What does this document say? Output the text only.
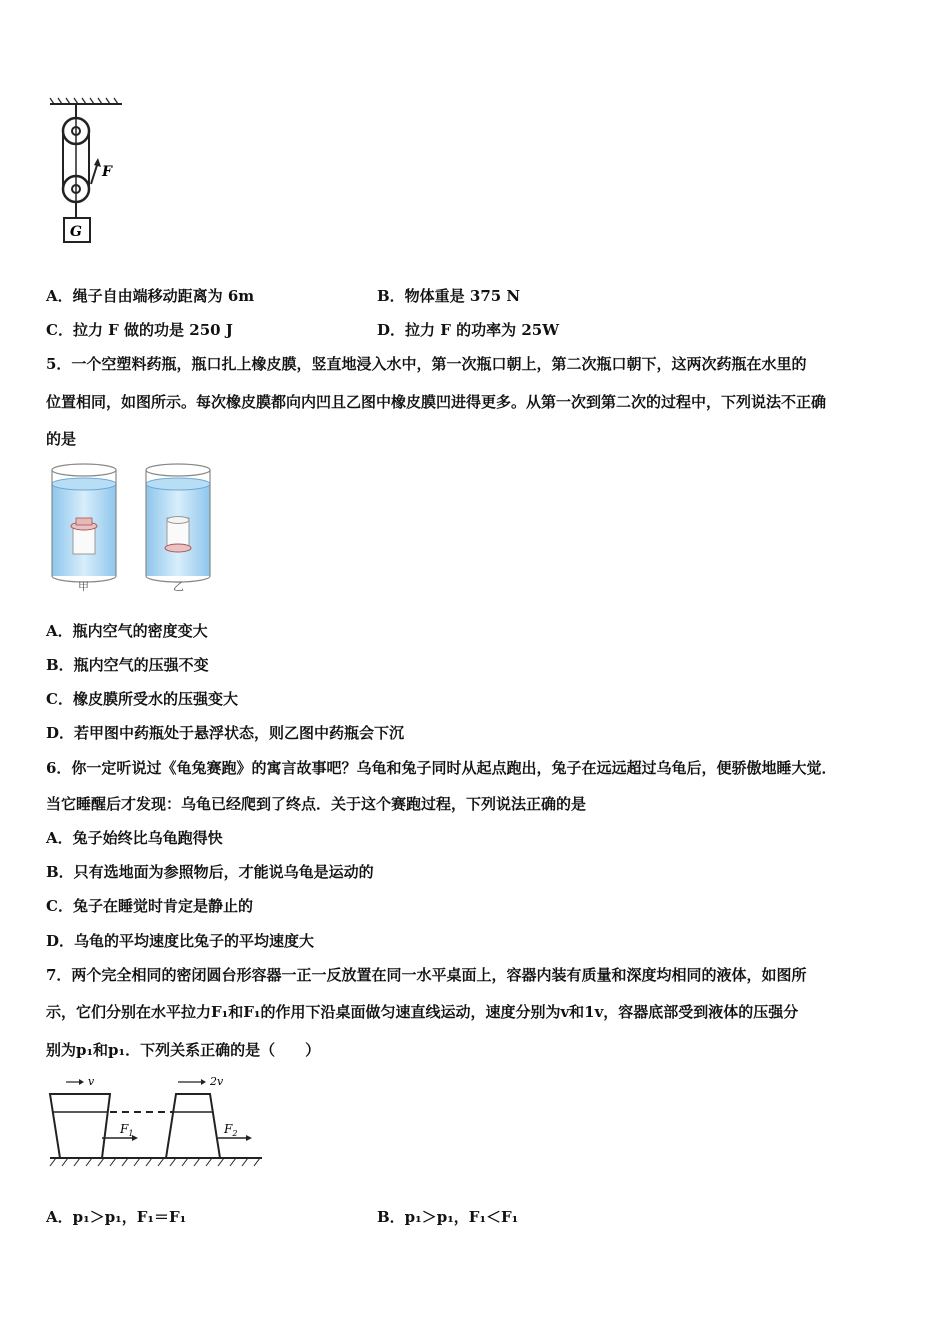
F
G
A．绳子自由端移动距离为 6m	B．物体重是 375 N
C．拉力 F 做的功是 250 J	D．拉力 F 的功率为 25W
5．一个空塑料药瓶，瓶口扎上橡皮膜，竖直地浸入水中，第一次瓶口朝上，第二次瓶口朝下，这两次药瓶在水里的
位置相同，如图所示。每次橡皮膜都向内凹且乙图中橡皮膜凹进得更多。从第一次到第二次的过程中，下列说法不正确
的是
甲	乙
A．瓶内空气的密度变大
B．瓶内空气的压强不变
C．橡皮膜所受水的压强变大
D．若甲图中药瓶处于悬浮状态，则乙图中药瓶会下沉
6．你一定听说过《龟兔赛跑》的寓言故事吧？乌龟和兔子同时从起点跑出，兔子在远远超过乌龟后，便骄傲地睡大觉．
当它睡醒后才发现：乌龟已经爬到了终点．关于这个赛跑过程，下列说法正确的是
A．兔子始终比乌龟跑得快
B．只有选地面为参照物后，才能说乌龟是运动的
C．兔子在睡觉时肯定是静止的
D．乌龟的平均速度比兔子的平均速度大
7．两个完全相同的密闭圆台形容器一正一反放置在同一水平桌面上，容器内装有质量和深度均相同的液体，如图所
示，它们分别在水平拉力F₁和F₁的作用下沿桌面做匀速直线运动，速度分别为v和1v，容器底部受到液体的压强分
别为p₁和p₁．下列关系正确的是（　　）
v
$F_1$
2v
$F_2$
A．p₁＞p₁，F₁＝F₁	B．p₁＞p₁，F₁＜F₁
